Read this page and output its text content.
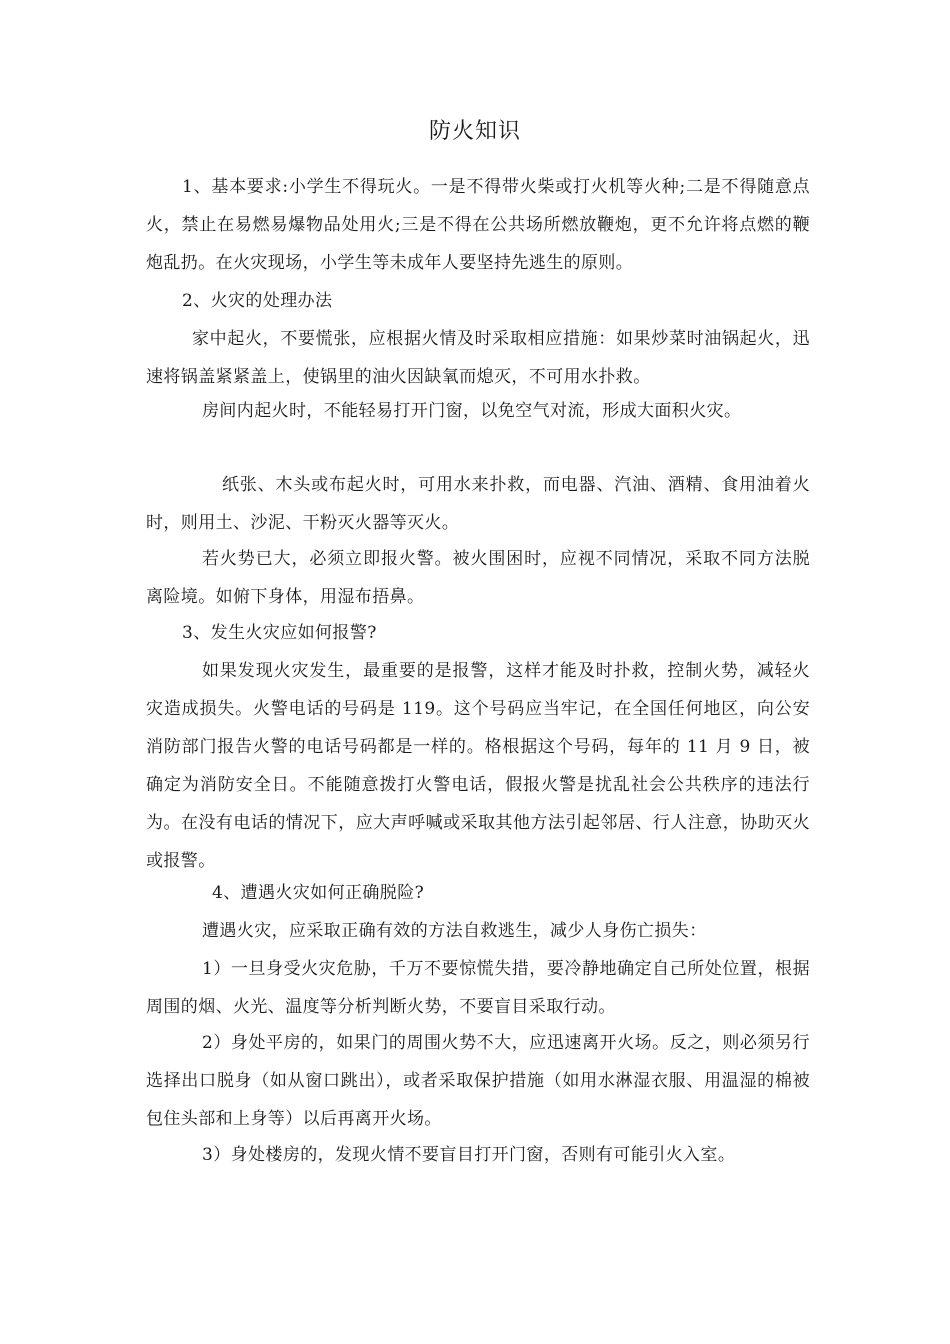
防火知识
1、基本要求:小学生不得玩火。一是不得带火柴或打火机等火种;二是不得随意点火，禁止在易燃易爆物品处用火;三是不得在公共场所燃放鞭炮，更不允许将点燃的鞭炮乱扔。在火灾现场，小学生等未成年人要坚持先逃生的原则。
2、火灾的处理办法
家中起火，不要慌张，应根据火情及时采取相应措施：如果炒菜时油锅起火，迅速将锅盖紧紧盖上，使锅里的油火因缺氧而熄灭，不可用水扑救。
房间内起火时，不能轻易打开门窗，以免空气对流，形成大面积火灾。
纸张、木头或布起火时，可用水来扑救，而电器、汽油、酒精、食用油着火时，则用土、沙泥、干粉灭火器等灭火。
若火势已大，必须立即报火警。被火围困时，应视不同情况，采取不同方法脱离险境。如俯下身体，用湿布捂鼻。
3、发生火灾应如何报警?
如果发现火灾发生，最重要的是报警，这样才能及时扑救，控制火势，减轻火灾造成损失。火警电话的号码是 119。这个号码应当牢记，在全国任何地区，向公安消防部门报告火警的电话号码都是一样的。格根据这个号码，每年的 11 月 9 日，被确定为消防安全日。不能随意拨打火警电话，假报火警是扰乱社会公共秩序的违法行为。在没有电话的情况下，应大声呼喊或采取其他方法引起邻居、行人注意，协助灭火或报警。
4、遭遇火灾如何正确脱险?
遭遇火灾，应采取正确有效的方法自救逃生，减少人身伤亡损失：
1）一旦身受火灾危胁，千万不要惊慌失措，要冷静地确定自己所处位置，根据周围的烟、火光、温度等分析判断火势，不要盲目采取行动。
2）身处平房的，如果门的周围火势不大，应迅速离开火场。反之，则必须另行选择出口脱身（如从窗口跳出），或者采取保护措施（如用水淋湿衣服、用温湿的棉被包住头部和上身等）以后再离开火场。
3）身处楼房的，发现火情不要盲目打开门窗，否则有可能引火入室。
